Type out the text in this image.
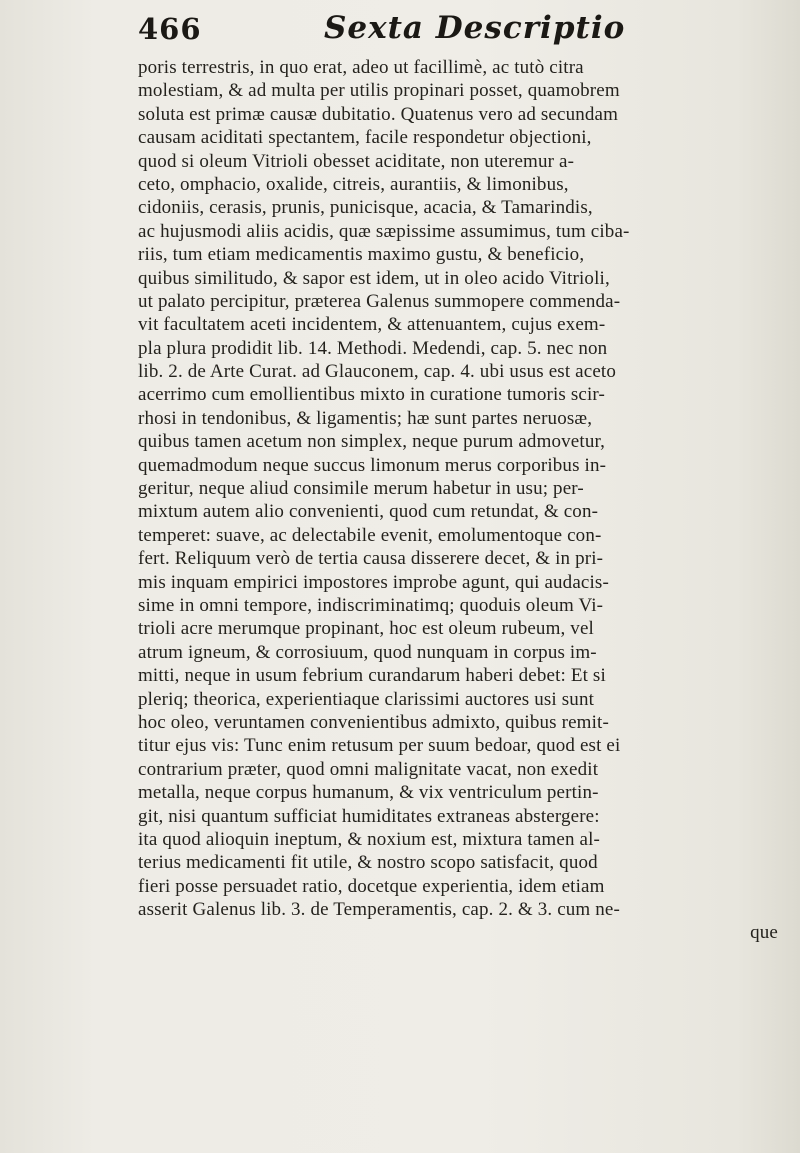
466	Sexta Descriptio
poris terrestris, in quo erat, adeo ut facillimè, ac tutò citra
molestiam, & ad multa per utilis propinari posset, quamobrem
soluta est primæ causæ dubitatio. Quatenus vero ad secundam
causam aciditati spectantem, facile respondetur objectioni,
quod si oleum Vitrioli obesset aciditate, non uteremur a-
ceto, omphacio, oxalide, citreis, aurantiis, & limonibus,
cidoniis, cerasis, prunis, punicisque, acacia, & Tamarindis,
ac hujusmodi aliis acidis, quæ sæpissime assumimus, tum ciba-
riis, tum etiam medicamentis maximo gustu, & beneficio,
quibus similitudo, & sapor est idem, ut in oleo acido Vitrioli,
ut palato percipitur, præterea Galenus summopere commenda-
vit facultatem aceti incidentem, & attenuantem, cujus exem-
pla plura prodidit lib. 14. Methodi. Medendi, cap. 5. nec non
lib. 2. de Arte Curat. ad Glauconem, cap. 4. ubi usus est aceto
acerrimo cum emollientibus mixto in curatione tumoris scir-
rhosi in tendonibus, & ligamentis; hæ sunt partes neruosæ,
quibus tamen acetum non simplex, neque purum admovetur,
quemadmodum neque succus limonum merus corporibus in-
geritur, neque aliud consimile merum habetur in usu; per-
mixtum autem alio convenienti, quod cum retundat, & con-
temperet: suave, ac delectabile evenit, emolumentoque con-
fert. Reliquum verò de tertia causa disserere decet, & in pri-
mis inquam empirici impostores improbe agunt, qui audacis-
sime in omni tempore, indiscriminatimq; quoduis oleum Vi-
trioli acre merumque propinant, hoc est oleum rubeum, vel
atrum igneum, & corrosiuum, quod nunquam in corpus im-
mitti, neque in usum febrium curandarum haberi debet: Et si
pleriq; theorica, experientiaque clarissimi auctores usi sunt
hoc oleo, veruntamen convenientibus admixto, quibus remit-
titur ejus vis: Tunc enim retusum per suum bedoar, quod est ei
contrarium præter, quod omni malignitate vacat, non exedit
metalla, neque corpus humanum, & vix ventriculum pertin-
git, nisi quantum sufficiat humiditates extraneas abstergere:
ita quod alioquin ineptum, & noxium est, mixtura tamen al-
terius medicamenti fit utile, & nostro scopo satisfacit, quod
fieri posse persuadet ratio, docetque experientia, idem etiam
asserit Galenus lib. 3. de Temperamentis, cap. 2. & 3. cum ne-
que
